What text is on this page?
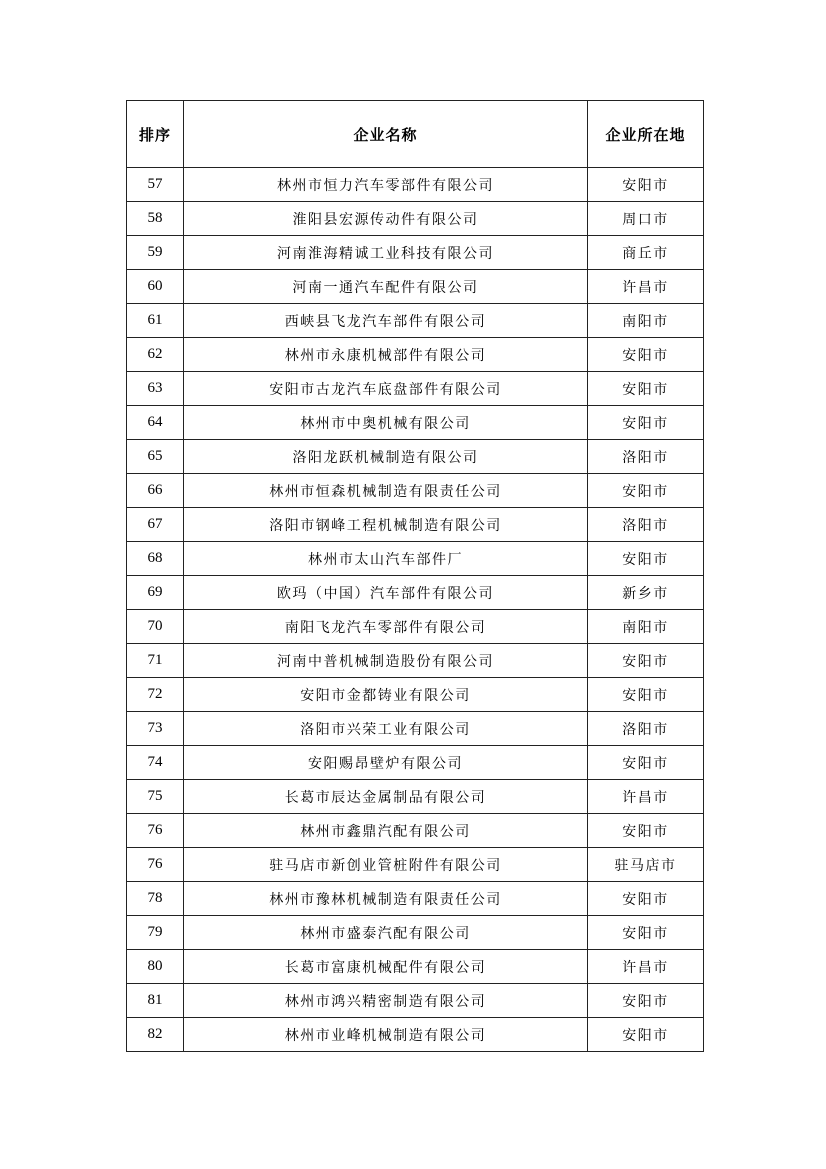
排序	企业名称	企业所在地
57	林州市恒力汽车零部件有限公司	安阳市
58	淮阳县宏源传动件有限公司	周口市
59	河南淮海精诚工业科技有限公司	商丘市
60	河南一通汽车配件有限公司	许昌市
61	西峡县飞龙汽车部件有限公司	南阳市
62	林州市永康机械部件有限公司	安阳市
63	安阳市古龙汽车底盘部件有限公司	安阳市
64	林州市中奥机械有限公司	安阳市
65	洛阳龙跃机械制造有限公司	洛阳市
66	林州市恒森机械制造有限责任公司	安阳市
67	洛阳市钢峰工程机械制造有限公司	洛阳市
68	林州市太山汽车部件厂	安阳市
69	欧玛（中国）汽车部件有限公司	新乡市
70	南阳飞龙汽车零部件有限公司	南阳市
71	河南中普机械制造股份有限公司	安阳市
72	安阳市金都铸业有限公司	安阳市
73	洛阳市兴荣工业有限公司	洛阳市
74	安阳赐昂壁炉有限公司	安阳市
75	长葛市辰达金属制品有限公司	许昌市
76	林州市鑫鼎汽配有限公司	安阳市
76	驻马店市新创业管桩附件有限公司	驻马店市
78	林州市豫林机械制造有限责任公司	安阳市
79	林州市盛泰汽配有限公司	安阳市
80	长葛市富康机械配件有限公司	许昌市
81	林州市鸿兴精密制造有限公司	安阳市
82	林州市业峰机械制造有限公司	安阳市
